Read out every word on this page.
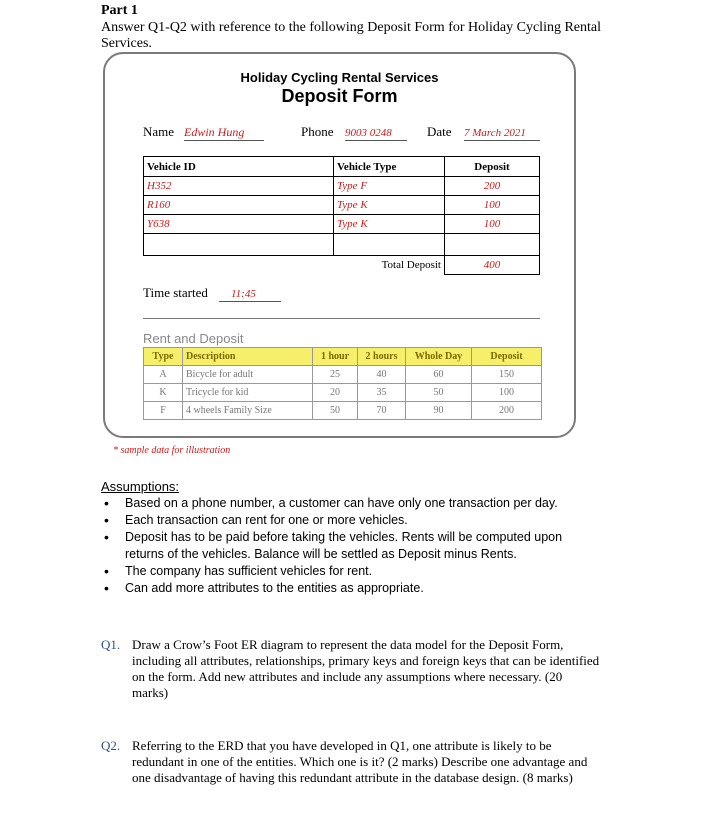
Part 1
Answer Q1-Q2 with reference to the following Deposit Form for Holiday Cycling Rental Services.
Holiday Cycling Rental Services
Deposit Form
Name Edwin Hung	Phone 9003 0248	Date 7 March 2021
Vehicle ID	Vehicle Type	Deposit
H352	Type F	200
R160	Type K	100
Y638	Type K	100

	Total Deposit	400
Time started	11:45
Rent and Deposit
Type	Description	1 hour	2 hours	Whole Day	Deposit
A	Bicycle for adult	25	40	60	150
K	Tricycle for kid	20	35	50	100
F	4 wheels Family Size	50	70	90	200
* sample data for illustration
Assumptions:
• Based on a phone number, a customer can have only one transaction per day.
• Each transaction can rent for one or more vehicles.
• Deposit has to be paid before taking the vehicles. Rents will be computed upon returns of the vehicles. Balance will be settled as Deposit minus Rents.
• The company has sufficient vehicles for rent.
• Can add more attributes to the entities as appropriate.
Q1. Draw a Crow’s Foot ER diagram to represent the data model for the Deposit Form, including all attributes, relationships, primary keys and foreign keys that can be identified on the form. Add new attributes and include any assumptions where necessary. (20 marks)
Q2. Referring to the ERD that you have developed in Q1, one attribute is likely to be redundant in one of the entities. Which one is it? (2 marks) Describe one advantage and one disadvantage of having this redundant attribute in the database design. (8 marks)
